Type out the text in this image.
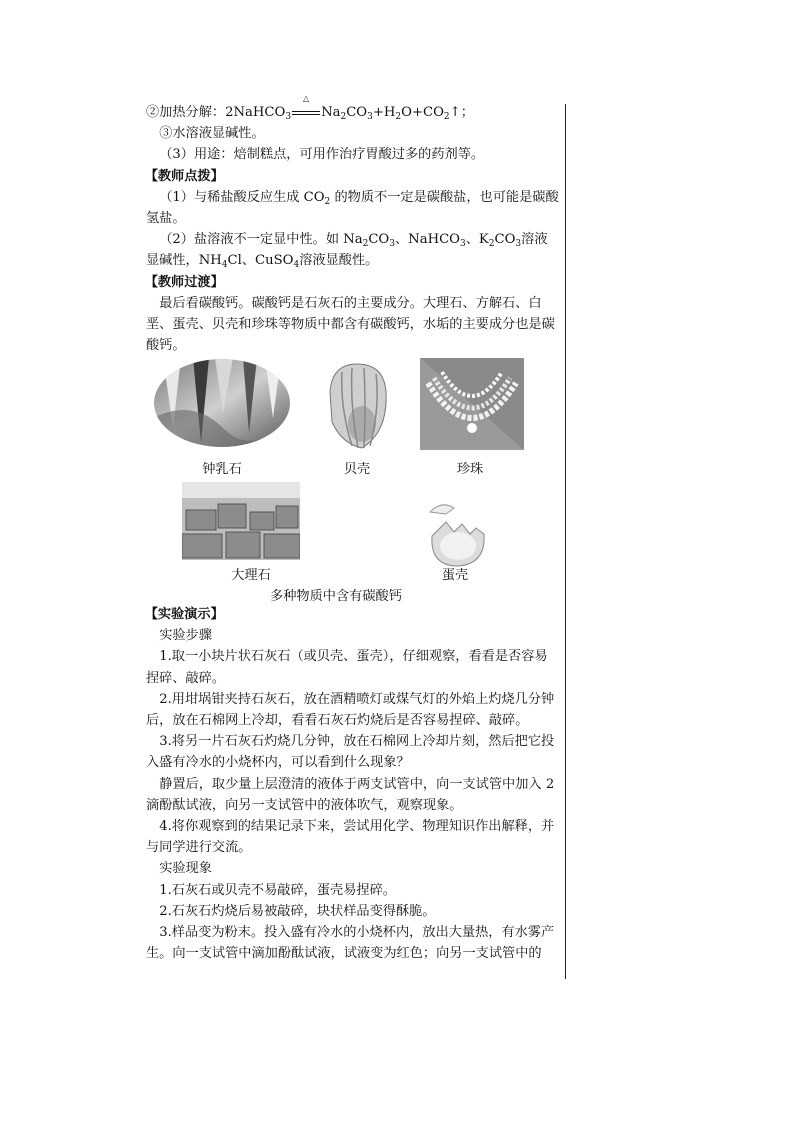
②加热分解：2NaHCO$_3$
△
$Na_2CO_3+H_2O+CO_2↑$；

③水溶液显碱性。

（3）用途：焙制糕点，可用作治疗胃酸过多的药剂等。

【教师点拨】

（1）与稀盐酸反应生成 $CO_2$ 的物质不一定是碳酸盐，也可能是碳酸氢盐。

（2）盐溶液不一定显中性。如 $Na_2CO_3$、NaHCO$_3$、$K_2CO_3$溶液显碱性，$NH_4Cl$、CuSO$_4$溶液显酸性。

【教师过渡】

最后看碳酸钙。碳酸钙是石灰石的主要成分。大理石、方解石、白垩、蛋壳、贝壳和珍珠等物质中都含有碳酸钙，水垢的主要成分也是碳酸钙。

钟乳石	贝壳	珍珠
大理石	蛋壳
多种物质中含有碳酸钙

【实验演示】

实验步骤

1.取一小块片状石灰石（或贝壳、蛋壳），仔细观察，看看是否容易捏碎、敲碎。

2.用坩埚钳夹持石灰石，放在酒精喷灯或煤气灯的外焰上灼烧几分钟后，放在石棉网上冷却，看看石灰石灼烧后是否容易捏碎、敲碎。

3.将另一片石灰石灼烧几分钟，放在石棉网上冷却片刻，然后把它投入盛有冷水的小烧杯内，可以看到什么现象？

静置后，取少量上层澄清的液体于两支试管中，向一支试管中加入 2 滴酚酞试液，向另一支试管中的液体吹气，观察现象。

4.将你观察到的结果记录下来，尝试用化学、物理知识作出解释，并与同学进行交流。

实验现象

1.石灰石或贝壳不易敲碎，蛋壳易捏碎。

2.石灰石灼烧后易被敲碎，块状样品变得酥脆。

3.样品变为粉末。投入盛有冷水的小烧杯内，放出大量热，有水雾产生。向一支试管中滴加酚酞试液，试液变为红色；向另一支试管中的
